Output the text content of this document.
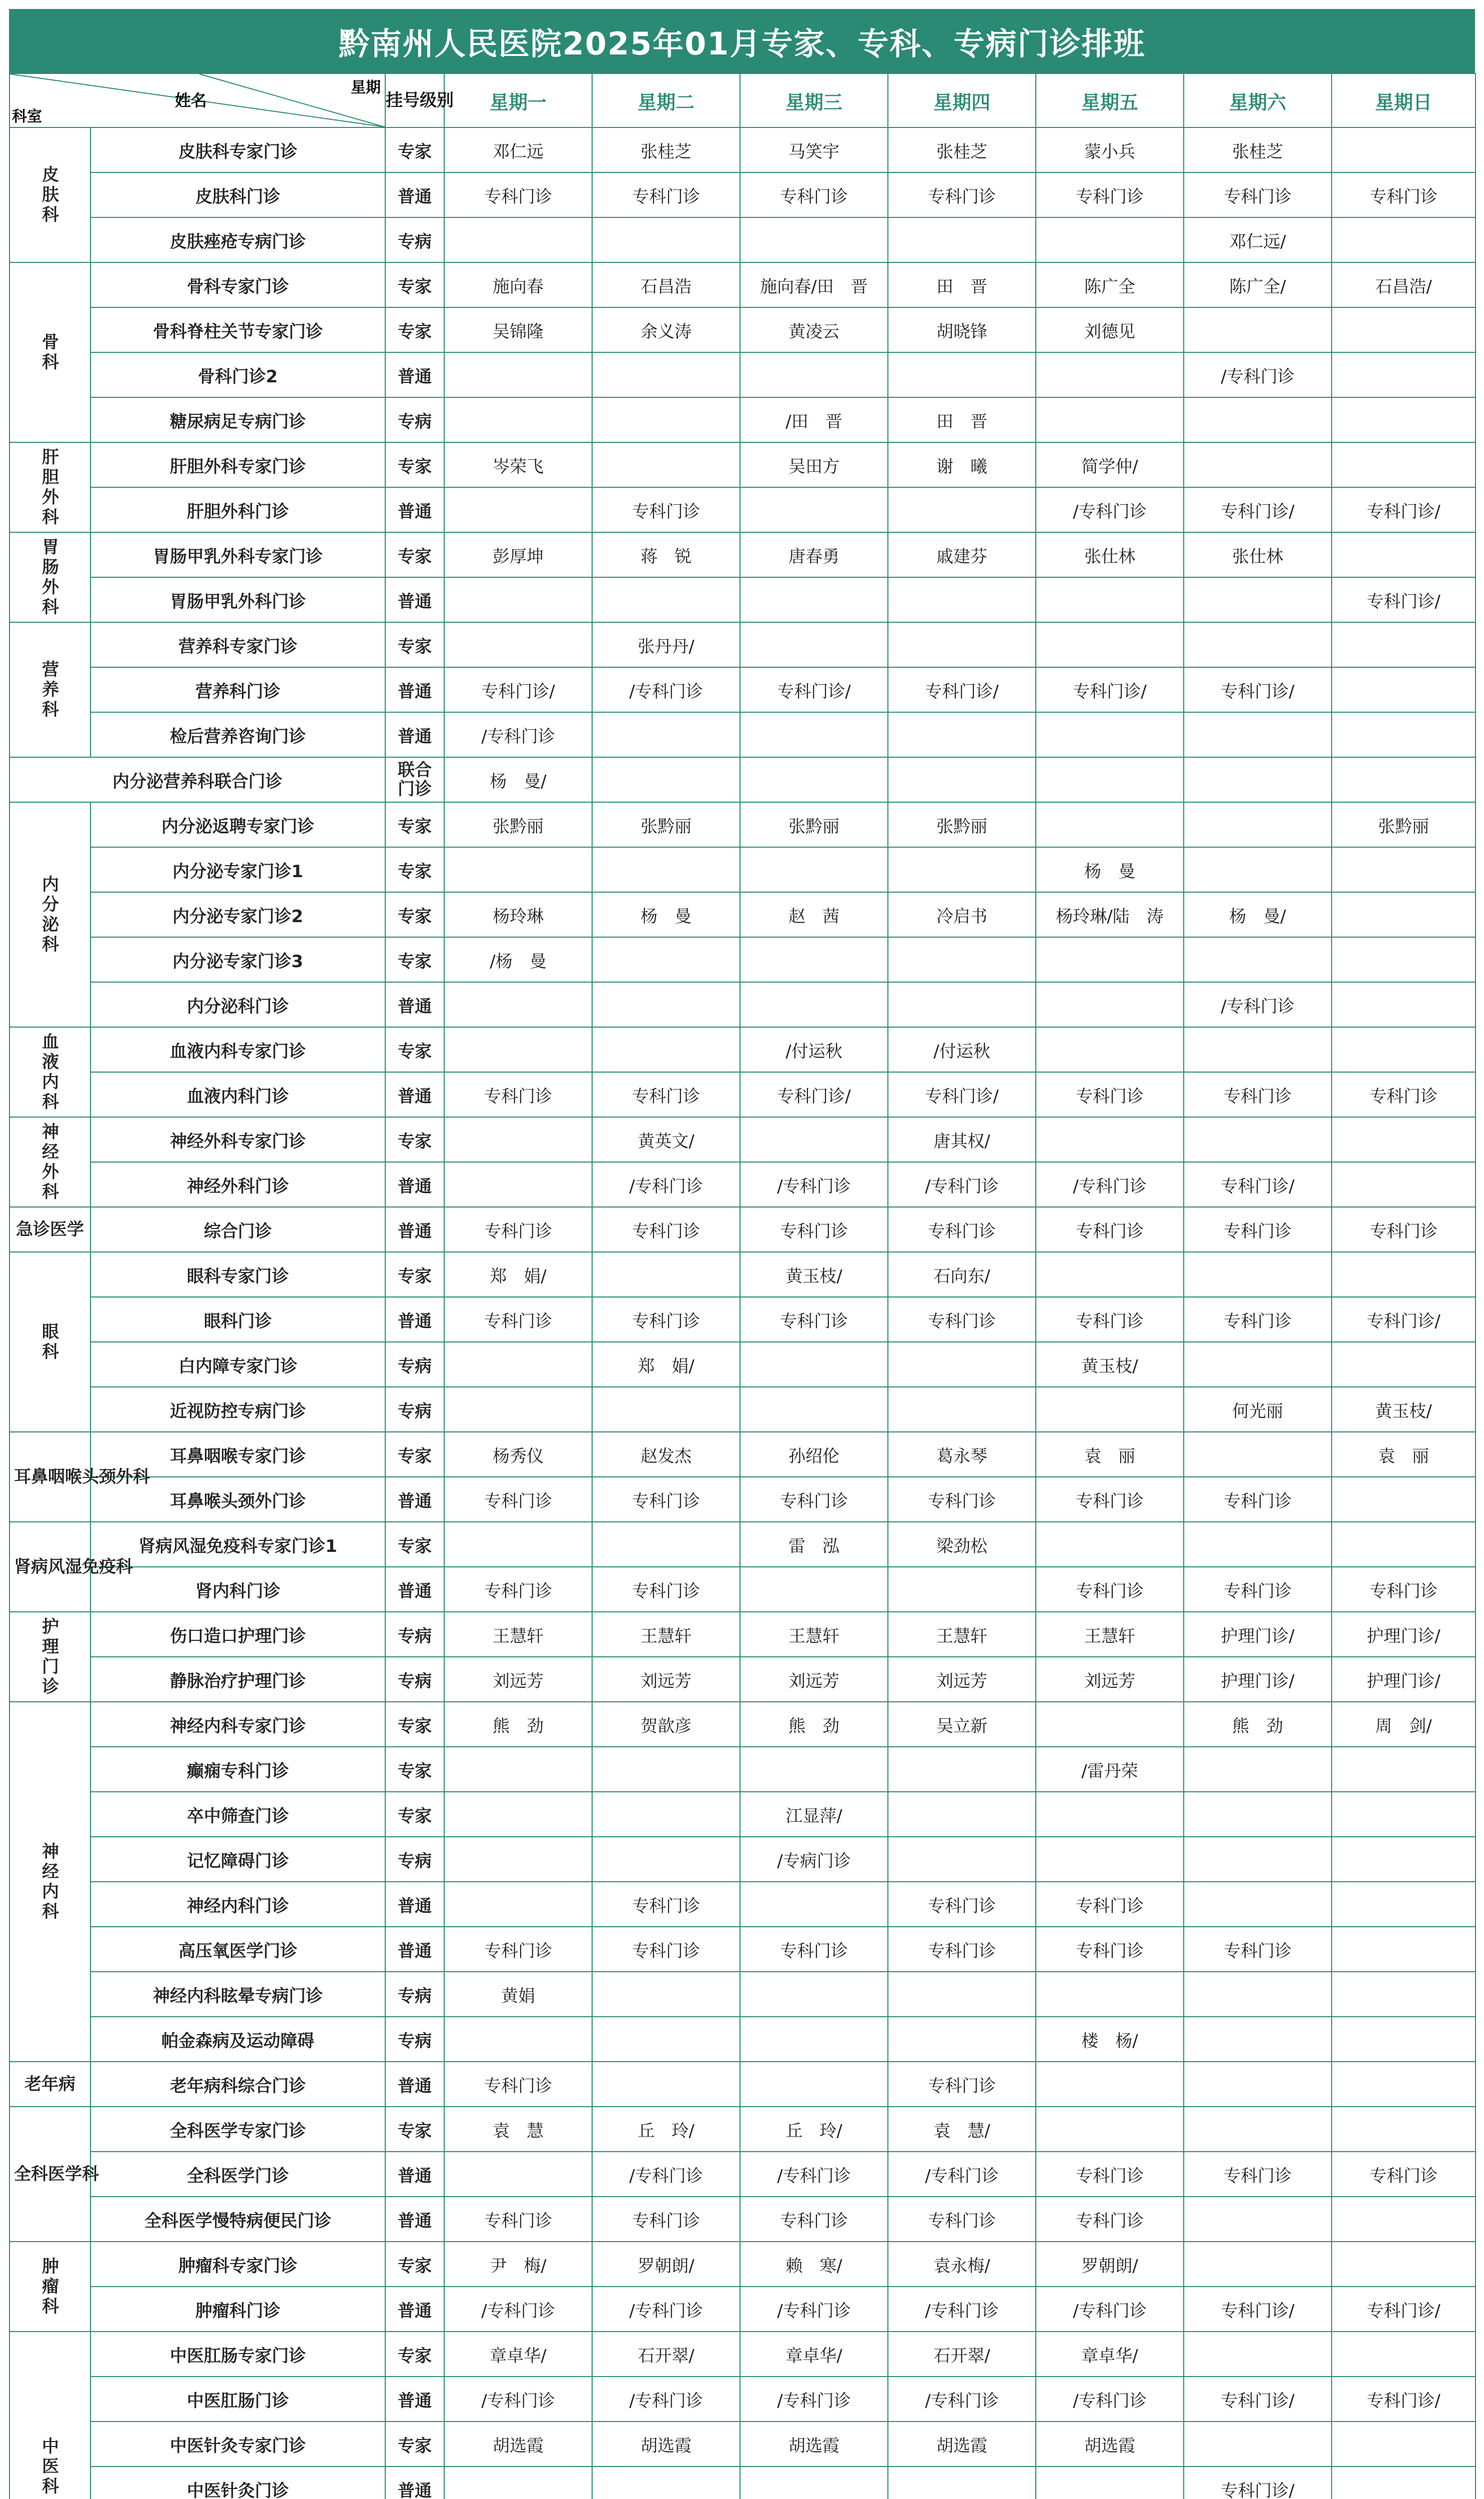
黔南州人民医院2025年01月专家、专科、专病门诊排班
星期
姓名
科室		挂号级别	星期一	星期二	星期三	星期四	星期五	星期六	星期日
皮肤科	皮肤科专家门诊	专家	邓仁远	张桂芝	马笑宇	张桂芝	蒙小兵	张桂芝	
	皮肤科门诊	普通	专科门诊	专科门诊	专科门诊	专科门诊	专科门诊	专科门诊	专科门诊
	皮肤痤疮专病门诊	专病						邓仁远/	
骨科	骨科专家门诊	专家	施向春	石昌浩	施向春/田　晋	田　晋	陈广全	陈广全/	石昌浩/
	骨科脊柱关节专家门诊	专家	吴锦隆	余义涛	黄凌云	胡晓锋	刘德见		
	骨科门诊2	普通						/专科门诊	
	糖尿病足专病门诊	专病			/田　晋	田　晋			
肝胆外科	肝胆外科专家门诊	专家	岑荣飞		吴田方	谢　曦	简学仲/		
	肝胆外科门诊	普通		专科门诊			/专科门诊	专科门诊/	专科门诊/
胃肠外科	胃肠甲乳外科专家门诊	专家	彭厚坤	蒋　锐	唐春勇	戚建芬	张仕林	张仕林	
	胃肠甲乳外科门诊	普通							专科门诊/
营养科	营养科专家门诊	专家		张丹丹/					
	营养科门诊	普通	专科门诊/	/专科门诊	专科门诊/	专科门诊/	专科门诊/	专科门诊/	
	检后营养咨询门诊	普通	/专科门诊						
内分泌营养科联合门诊		联合门诊	杨　曼/						
内分泌科	内分泌返聘专家门诊	专家	张黔丽	张黔丽	张黔丽	张黔丽			张黔丽
	内分泌专家门诊1	专家					杨　曼		
	内分泌专家门诊2	专家	杨玲琳	杨　曼	赵　茜	冷启书	杨玲琳/陆　涛	杨　曼/	
	内分泌专家门诊3	专家	/杨　曼						
	内分泌科门诊	普通						/专科门诊	
血液内科	血液内科专家门诊	专家			/付运秋	/付运秋			
	血液内科门诊	普通	专科门诊	专科门诊	专科门诊/	专科门诊/	专科门诊	专科门诊	专科门诊
神经外科	神经外科专家门诊	专家		黄英文/		唐其权/			
	神经外科门诊	普通		/专科门诊	/专科门诊	/专科门诊	/专科门诊	专科门诊/	
急诊医学	综合门诊	普通	专科门诊	专科门诊	专科门诊	专科门诊	专科门诊	专科门诊	专科门诊
眼科	眼科专家门诊	专家	郑　娟/		黄玉枝/	石向东/			
	眼科门诊	普通	专科门诊	专科门诊	专科门诊	专科门诊	专科门诊	专科门诊	专科门诊/
	白内障专家门诊	专病		郑　娟/			黄玉枝/		
	近视防控专病门诊	专病						何光丽	黄玉枝/
耳鼻咽喉头颈外科	耳鼻咽喉专家门诊	专家	杨秀仪	赵发杰	孙绍伦	葛永琴	袁　丽		袁　丽
	耳鼻喉头颈外门诊	普通	专科门诊	专科门诊	专科门诊	专科门诊	专科门诊	专科门诊	
肾病风湿免疫科	肾病风湿免疫科专家门诊1	专家			雷　泓	梁劲松			
	肾内科门诊	普通	专科门诊	专科门诊			专科门诊	专科门诊	专科门诊
护理门诊	伤口造口护理门诊	专病	王慧轩	王慧轩	王慧轩	王慧轩	王慧轩	护理门诊/	护理门诊/
	静脉治疗护理门诊	专病	刘远芳	刘远芳	刘远芳	刘远芳	刘远芳	护理门诊/	护理门诊/
神经内科	神经内科专家门诊	专家	熊　劲	贺歆彦	熊　劲	吴立新		熊　劲	周　剑/
	癫痫专科门诊	专家					/雷丹荣		
	卒中筛查门诊	专家			江显萍/				
	记忆障碍门诊	专病			/专病门诊				
	神经内科门诊	普通		专科门诊		专科门诊	专科门诊		
	高压氧医学门诊	普通	专科门诊	专科门诊	专科门诊	专科门诊	专科门诊	专科门诊	
	神经内科眩晕专病门诊	专病	黄娟						
	帕金森病及运动障碍	专病					楼　杨/		
老年病	老年病科综合门诊	普通	专科门诊			专科门诊			
全科医学科	全科医学专家门诊	专家	袁　慧	丘　玲/	丘　玲/	袁　慧/			
	全科医学门诊	普通		/专科门诊	/专科门诊	/专科门诊	专科门诊	专科门诊	专科门诊
	全科医学慢特病便民门诊	普通	专科门诊	专科门诊	专科门诊	专科门诊	专科门诊		
肿瘤科	肿瘤科专家门诊	专家	尹　梅/	罗朝朗/	赖　寒/	袁永梅/	罗朝朗/		
	肿瘤科门诊	普通	/专科门诊	/专科门诊	/专科门诊	/专科门诊	/专科门诊	专科门诊/	专科门诊/
中医科	中医肛肠专家门诊	专家	章卓华/	石开翠/	章卓华/	石开翠/	章卓华/		
	中医肛肠门诊	普通	/专科门诊	/专科门诊	/专科门诊	/专科门诊	/专科门诊	专科门诊/	专科门诊/
	中医针灸专家门诊	专家	胡选霞	胡选霞	胡选霞	胡选霞	胡选霞		
	中医针灸门诊	普通						专科门诊/	
